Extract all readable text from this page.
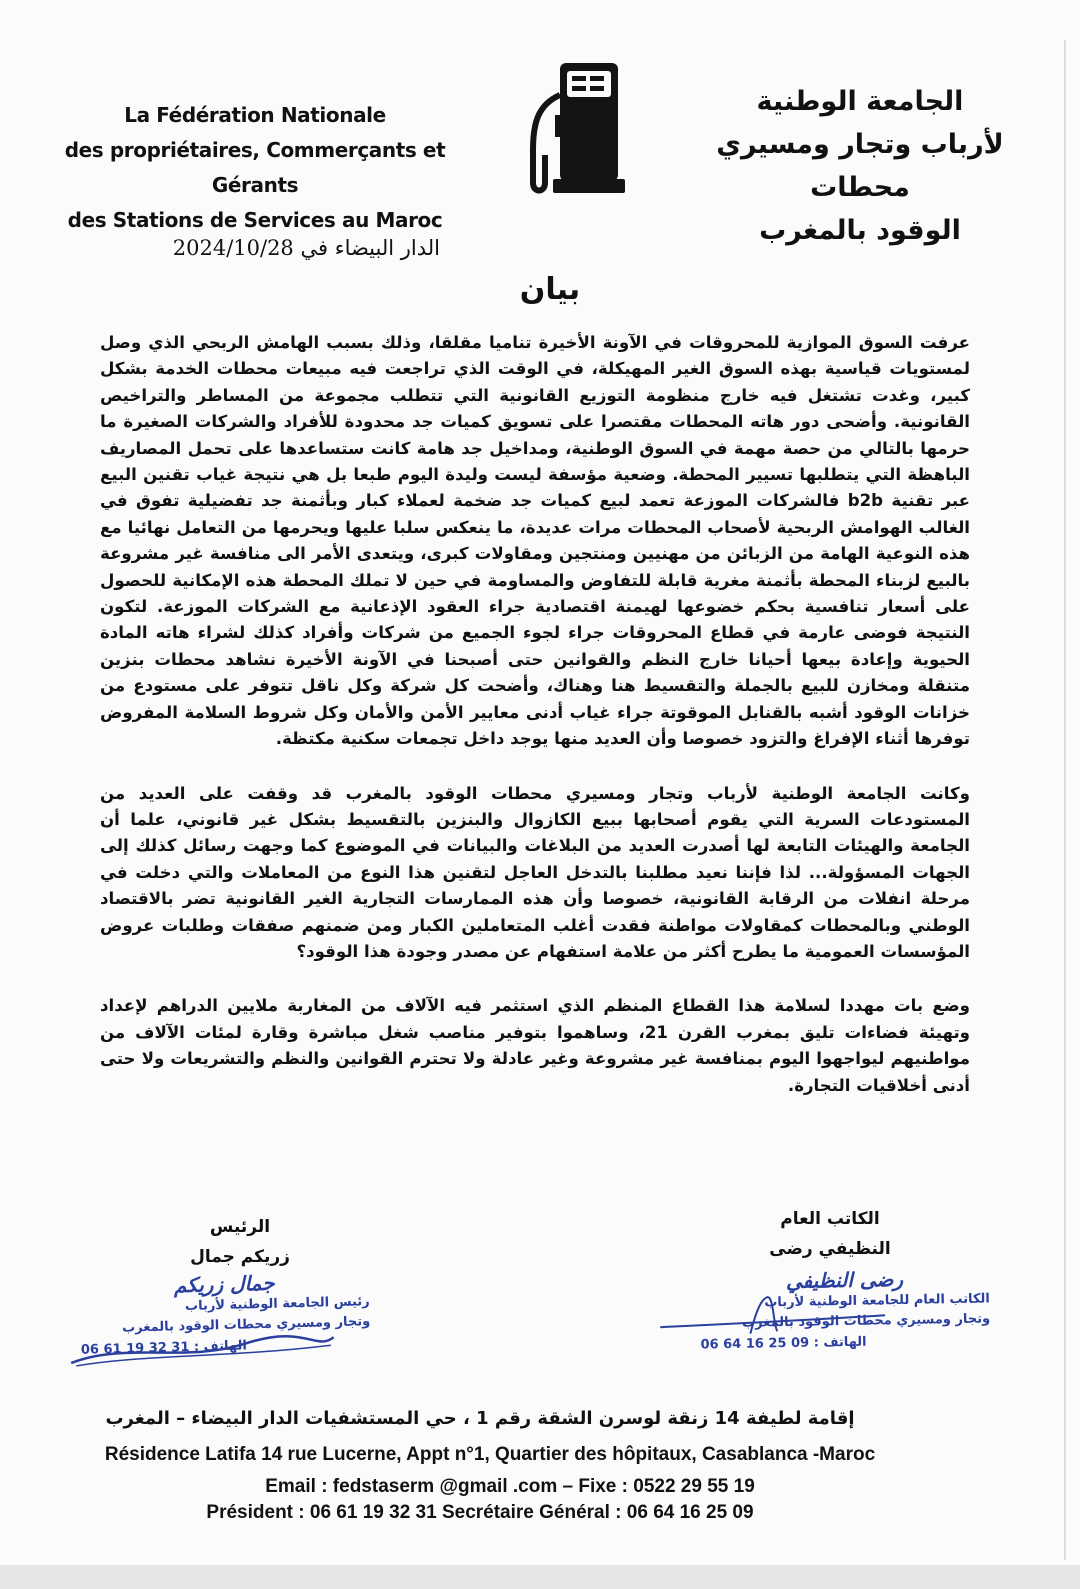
La Fédération Nationale
des propriétaires, Commerçants et Gérants
des Stations de Services au Maroc
الجامعة الوطنية
لأرباب وتجار ومسيري محطات
الوقود بالمغرب
الدار البيضاء في 2024/10/28
بيان

عرفت السوق الموازية للمحروقات في الآونة الأخيرة تناميا مقلقا، وذلك بسبب الهامش الربحي الذي وصل لمستويات قياسية بهذه السوق الغير المهيكلة، في الوقت الذي تراجعت فيه مبيعات محطات الخدمة بشكل كبير، وغدت تشتغل فيه خارج منظومة التوزيع القانونية التي تتطلب مجموعة من المساطر والتراخيص القانونية. وأضحى دور هاته المحطات مقتصرا على تسويق كميات جد محدودة للأفراد والشركات الصغيرة ما حرمها بالتالي من حصة مهمة في السوق الوطنية، ومداخيل جد هامة كانت ستساعدها على تحمل المصاريف الباهظة التي يتطلبها تسيير المحطة. وضعية مؤسفة ليست وليدة اليوم طبعا بل هي نتيجة غياب تقنين البيع عبر تقنية b2b فالشركات الموزعة تعمد لبيع كميات جد ضخمة لعملاء كبار وبأثمنة جد تفضيلية تفوق في الغالب الهوامش الربحية لأصحاب المحطات مرات عديدة، ما ينعكس سلبا عليها ويحرمها من التعامل نهائيا مع هذه النوعية الهامة من الزبائن من مهنيين ومنتجين ومقاولات كبرى، ويتعدى الأمر الى منافسة غير مشروعة بالبيع لزبناء المحطة بأثمنة مغرية قابلة للتفاوض والمساومة في حين لا تملك المحطة هذه الإمكانية للحصول على أسعار تنافسية بحكم خضوعها لهيمنة اقتصادية جراء العقود الإذعانية مع الشركات الموزعة. لتكون النتيجة فوضى عارمة في قطاع المحروقات جراء لجوء الجميع من شركات وأفراد كذلك لشراء هاته المادة الحيوية وإعادة بيعها أحيانا خارج النظم والقوانين حتى أصبحنا في الآونة الأخيرة نشاهد محطات بنزين متنقلة ومخازن للبيع بالجملة والتقسيط هنا وهناك، وأضحت كل شركة وكل ناقل تتوفر على مستودع من خزانات الوقود أشبه بالقنابل الموقوتة جراء غياب أدنى معايير الأمن والأمان وكل شروط السلامة المفروض توفرها أثناء الإفراغ والتزود خصوصا وأن العديد منها يوجد داخل تجمعات سكنية مكتظة.

وكانت الجامعة الوطنية لأرباب وتجار ومسيري محطات الوقود بالمغرب قد وقفت على العديد من المستودعات السرية التي يقوم أصحابها ببيع الكازوال والبنزين بالتقسيط بشكل غير قانوني، علما أن الجامعة والهيئات التابعة لها أصدرت العديد من البلاغات والبيانات في الموضوع كما وجهت رسائل كذلك إلى الجهات المسؤولة... لذا فإننا نعيد مطلبنا بالتدخل العاجل لتقنين هذا النوع من المعاملات والتي دخلت في مرحلة انفلات من الرقابة القانونية، خصوصا وأن هذه الممارسات التجارية الغير القانونية تضر بالاقتصاد الوطني وبالمحطات كمقاولات مواطنة فقدت أغلب المتعاملين الكبار ومن ضمنهم صفقات وطلبات عروض المؤسسات العمومية ما يطرح أكثر من علامة استفهام عن مصدر وجودة هذا الوقود؟

وضع بات مهددا لسلامة هذا القطاع المنظم الذي استثمر فيه الآلاف من المغاربة ملايين الدراهم لإعداد وتهيئة فضاءات تليق بمغرب القرن 21، وساهموا بتوفير مناصب شغل مباشرة وقارة لمئات الآلاف من مواطنيهم ليواجهوا اليوم بمنافسة غير مشروعة وغير عادلة ولا تحترم القوانين والنظم والتشريعات ولا حتى أدنى أخلاقيات التجارة.

الرئيس
زريكم جمال
الكاتب العام
النظيفي رضى
جمال زريكم
رئيس الجامعة الوطنية لأرباب
وتجار ومسيري محطات الوقود بالمغرب
الهاتف : 31 32 19 61 06
رضى النظيفي
الكاتب العام للجامعة الوطنية لأرباب
وتجار ومسيري محطات الوقود بالمغرب
الهاتف : 09 25 16 64 06
إقامة لطيفة 14 زنقة لوسرن الشقة رقم 1 ، حي المستشفيات الدار البيضاء – المغرب
Résidence Latifa 14 rue Lucerne, Appt n°1, Quartier des hôpitaux, Casablanca -Maroc
Email : fedstaserm @gmail .com – Fixe : 0522 29 55 19
Président : 06 61 19 32 31 Secrétaire Général : 06 64 16 25 09
